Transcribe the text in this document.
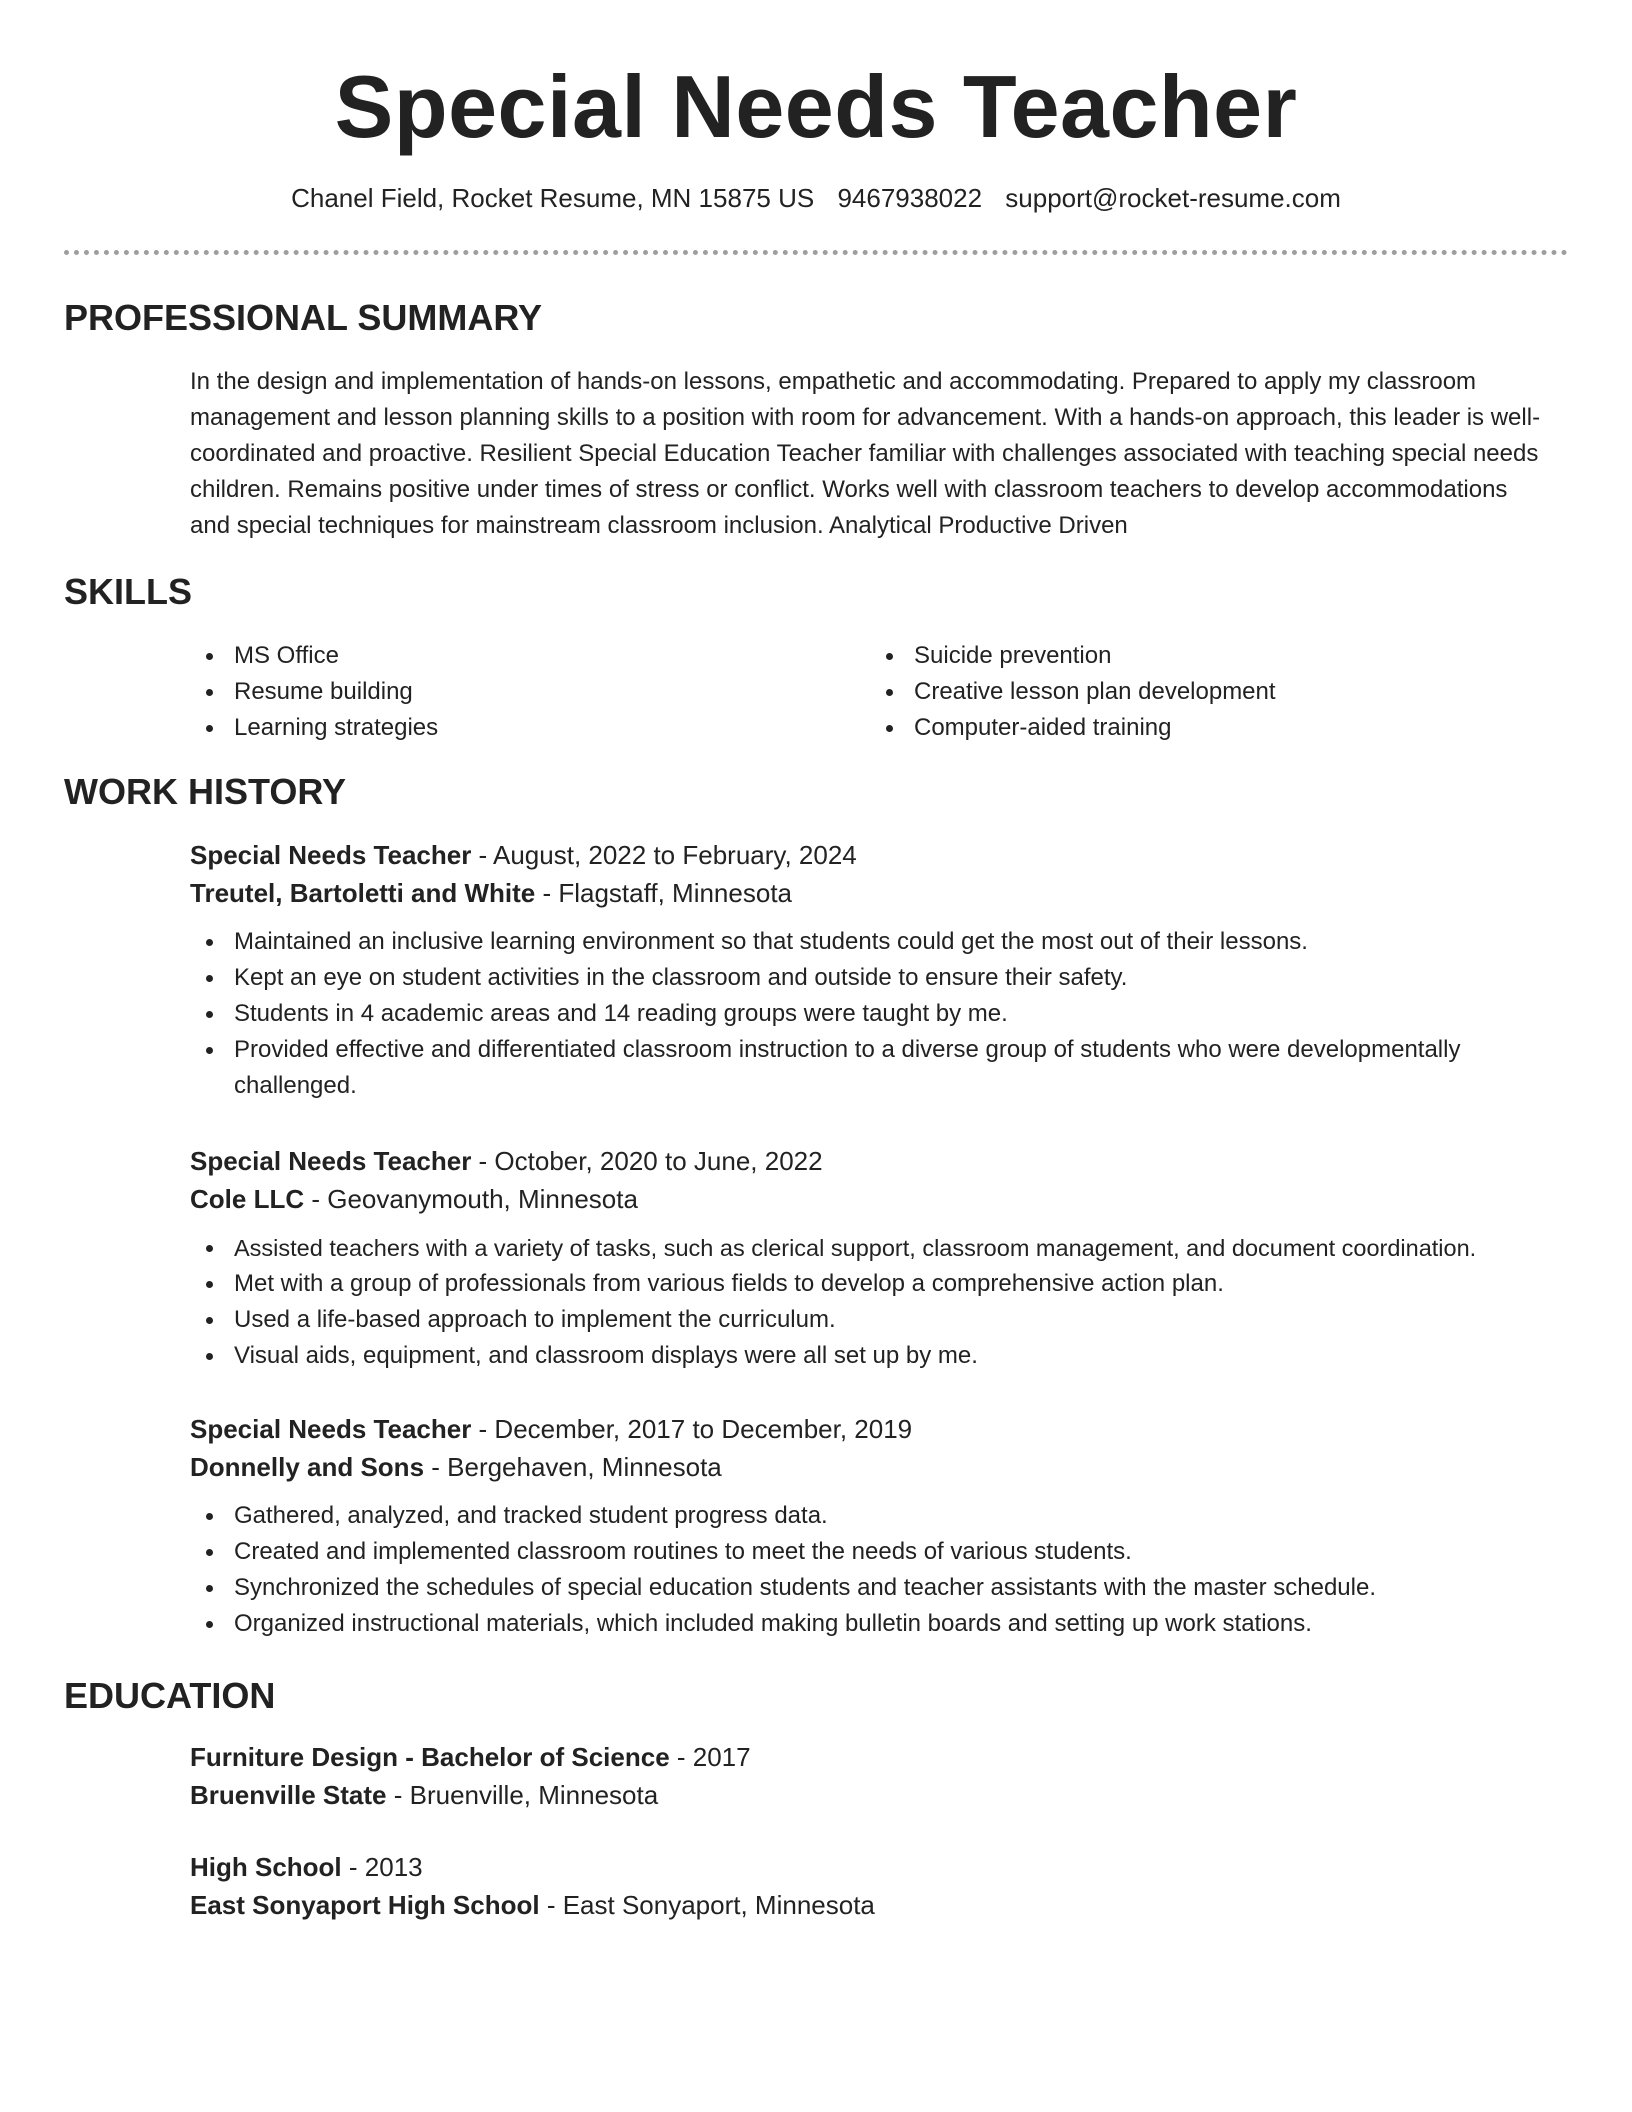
Special Needs Teacher
Chanel Field, Rocket Resume, MN 15875 US 9467938022 support@rocket-resume.com
PROFESSIONAL SUMMARY

In the design and implementation of hands-on lessons, empathetic and accommodating. Prepared to apply my classroom management and lesson planning skills to a position with room for advancement. With a hands-on approach, this leader is well-coordinated and proactive. Resilient Special Education Teacher familiar with challenges associated with teaching special needs children. Remains positive under times of stress or conflict. Works well with classroom teachers to develop accommodations and special techniques for mainstream classroom inclusion. Analytical Productive Driven

SKILLS
MS Office
Resume building
Learning strategies
Suicide prevention
Creative lesson plan development
Computer-aided training
WORK HISTORY
Special Needs Teacher - August, 2022 to February, 2024
Treutel, Bartoletti and White - Flagstaff, Minnesota
Maintained an inclusive learning environment so that students could get the most out of their lessons.
Kept an eye on student activities in the classroom and outside to ensure their safety.
Students in 4 academic areas and 14 reading groups were taught by me.
Provided effective and differentiated classroom instruction to a diverse group of students who were developmentally challenged.
Special Needs Teacher - October, 2020 to June, 2022
Cole LLC - Geovanymouth, Minnesota
Assisted teachers with a variety of tasks, such as clerical support, classroom management, and document coordination.
Met with a group of professionals from various fields to develop a comprehensive action plan.
Used a life-based approach to implement the curriculum.
Visual aids, equipment, and classroom displays were all set up by me.
Special Needs Teacher - December, 2017 to December, 2019
Donnelly and Sons - Bergehaven, Minnesota
Gathered, analyzed, and tracked student progress data.
Created and implemented classroom routines to meet the needs of various students.
Synchronized the schedules of special education students and teacher assistants with the master schedule.
Organized instructional materials, which included making bulletin boards and setting up work stations.
EDUCATION
Furniture Design - Bachelor of Science - 2017
Bruenville State - Bruenville, Minnesota
High School - 2013
East Sonyaport High School - East Sonyaport, Minnesota
